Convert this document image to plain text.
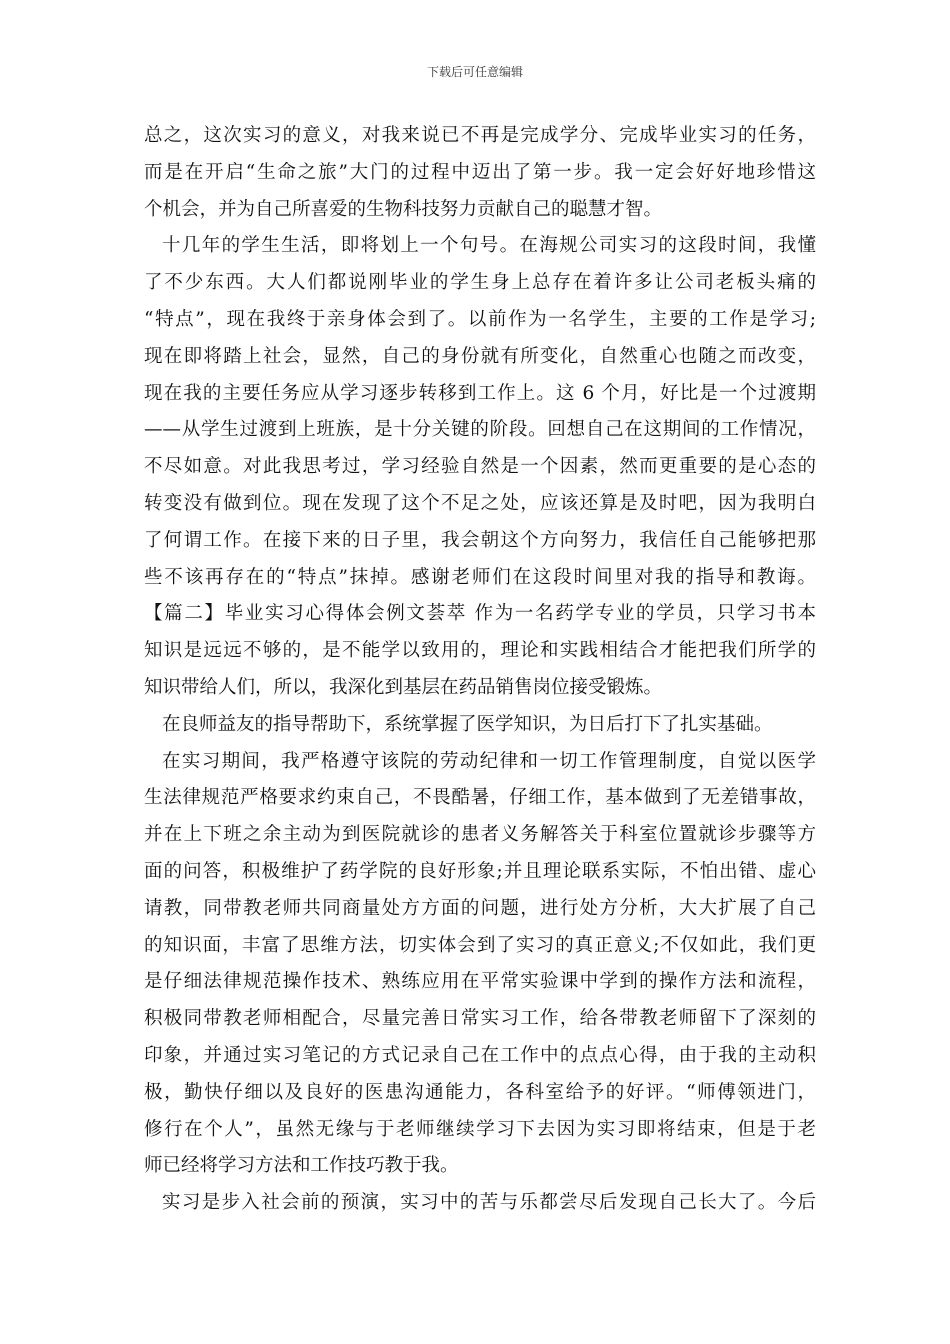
下载后可任意编辑
总之，这次实习的意义，对我来说已不再是完成学分、完成毕业实习的任务，
而是在开启“生命之旅”大门的过程中迈出了第一步。我一定会好好地珍惜这
个机会，并为自己所喜爱的生物科技努力贡献自己的聪慧才智。
十几年的学生生活，即将划上一个句号。在海规公司实习的这段时间，我懂
了不少东西。大人们都说刚毕业的学生身上总存在着许多让公司老板头痛的
“特点”，现在我终于亲身体会到了。以前作为一名学生，主要的工作是学习;
现在即将踏上社会，显然，自己的身份就有所变化，自然重心也随之而改变，
现在我的主要任务应从学习逐步转移到工作上。这 6 个月，好比是一个过渡期
——从学生过渡到上班族，是十分关键的阶段。回想自己在这期间的工作情况，
不尽如意。对此我思考过，学习经验自然是一个因素，然而更重要的是心态的
转变没有做到位。现在发现了这个不足之处，应该还算是及时吧，因为我明白
了何谓工作。在接下来的日子里，我会朝这个方向努力，我信任自己能够把那
些不该再存在的“特点”抹掉。感谢老师们在这段时间里对我的指导和教诲。
【篇二】毕业实习心得体会例文荟萃 作为一名药学专业的学员，只学习书本
知识是远远不够的，是不能学以致用的，理论和实践相结合才能把我们所学的
知识带给人们，所以，我深化到基层在药品销售岗位接受锻炼。
在良师益友的指导帮助下，系统掌握了医学知识，为日后打下了扎实基础。
在实习期间，我严格遵守该院的劳动纪律和一切工作管理制度，自觉以医学
生法律规范严格要求约束自己，不畏酷暑，仔细工作，基本做到了无差错事故，
并在上下班之余主动为到医院就诊的患者义务解答关于科室位置就诊步骤等方
面的问答，积极维护了药学院的良好形象;并且理论联系实际，不怕出错、虚心
请教，同带教老师共同商量处方方面的问题，进行处方分析，大大扩展了自己
的知识面，丰富了思维方法，切实体会到了实习的真正意义;不仅如此，我们更
是仔细法律规范操作技术、熟练应用在平常实验课中学到的操作方法和流程，
积极同带教老师相配合，尽量完善日常实习工作，给各带教老师留下了深刻的
印象，并通过实习笔记的方式记录自己在工作中的点点心得，由于我的主动积
极，勤快仔细以及良好的医患沟通能力，各科室给予的好评。“师傅领进门，
修行在个人”，虽然无缘与于老师继续学习下去因为实习即将结束，但是于老
师已经将学习方法和工作技巧教于我。
实习是步入社会前的预演，实习中的苦与乐都尝尽后发现自己长大了。今后
